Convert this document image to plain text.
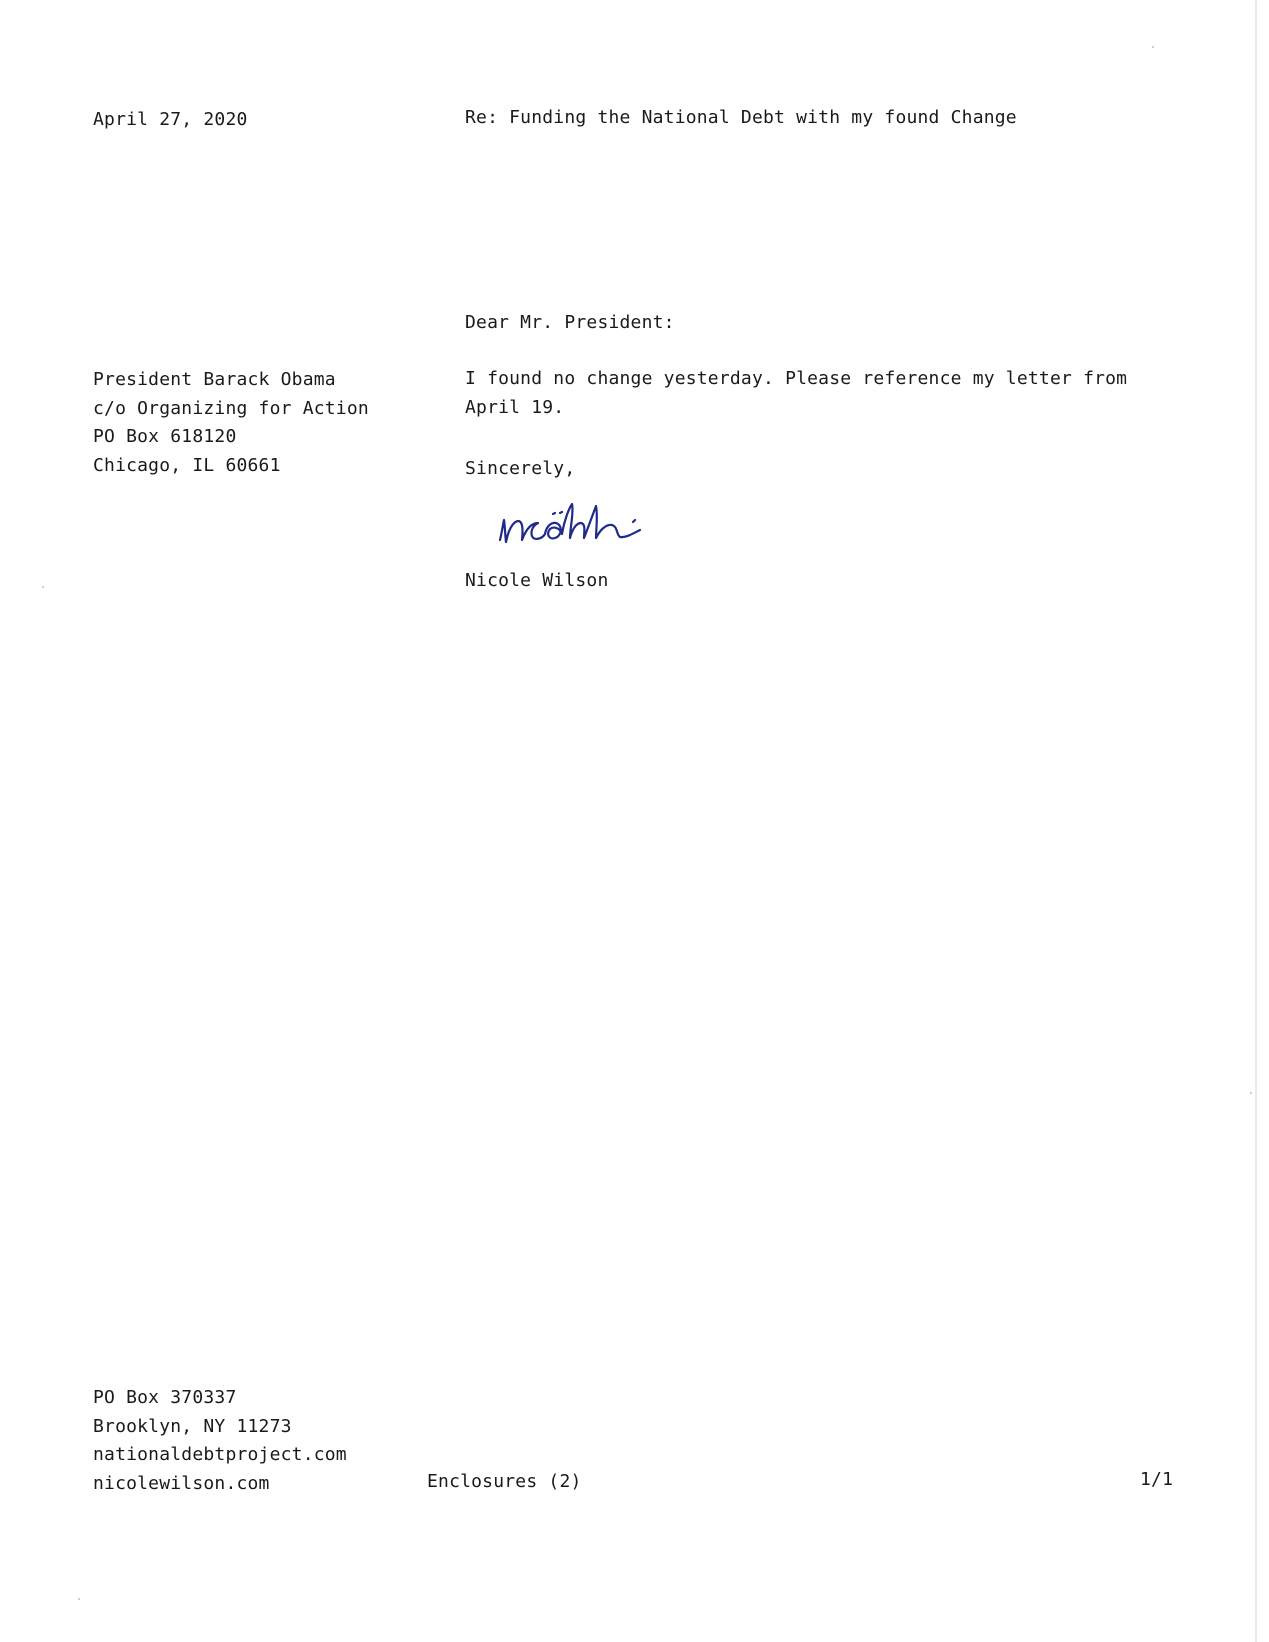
April 27, 2020	Re: Funding the National Debt with my found Change
Dear Mr. President:
President Barack Obama
c/o Organizing for Action
PO Box 618120
Chicago, IL 60661
I found no change yesterday. Please reference my letter from April 19.
Sincerely,
Nicole Wilson
PO Box 370337
Brooklyn, NY 11273
nationaldebtproject.com
nicolewilson.com	Enclosures (2)	1/1
